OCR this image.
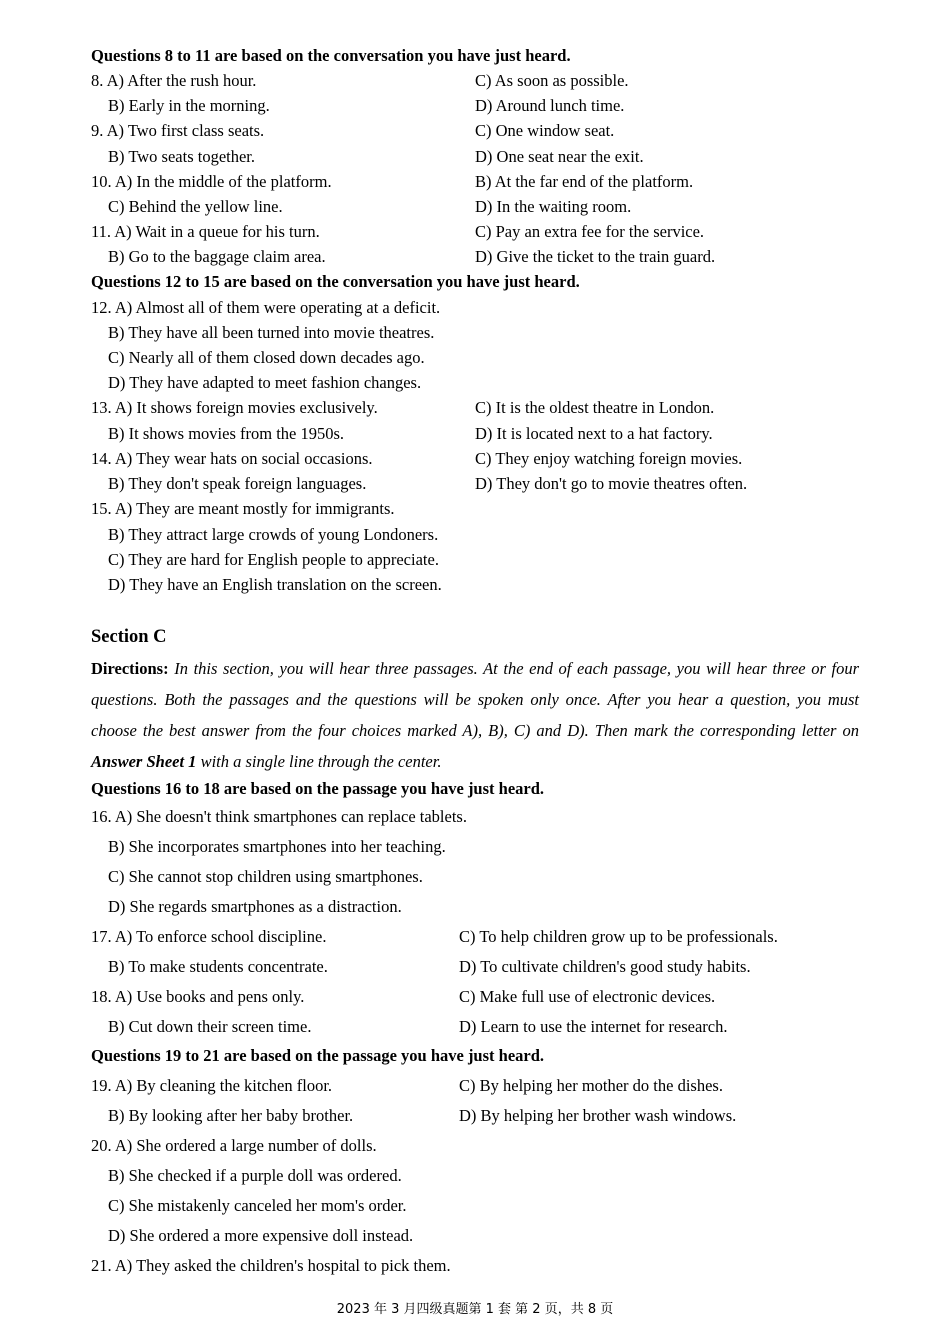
Questions 8 to 11 are based on the conversation you have just heard.
8. A) After the rush hour.	C) As soon as possible.
B) Early in the morning.	D) Around lunch time.
9. A) Two first class seats.	C) One window seat.
B) Two seats together.	D) One seat near the exit.
10. A) In the middle of the platform.	B) At the far end of the platform.
C) Behind the yellow line.	D) In the waiting room.
11. A) Wait in a queue for his turn.	C) Pay an extra fee for the service.
B) Go to the baggage claim area.	D) Give the ticket to the train guard.
Questions 12 to 15 are based on the conversation you have just heard.
12. A) Almost all of them were operating at a deficit.
B) They have all been turned into movie theatres.
C) Nearly all of them closed down decades ago.
D) They have adapted to meet fashion changes.
13. A) It shows foreign movies exclusively.	C) It is the oldest theatre in London.
B) It shows movies from the 1950s.	D) It is located next to a hat factory.
14. A) They wear hats on social occasions.	C) They enjoy watching foreign movies.
B) They don't speak foreign languages.	D) They don't go to movie theatres often.
15. A) They are meant mostly for immigrants.
B) They attract large crowds of young Londoners.
C) They are hard for English people to appreciate.
D) They have an English translation on the screen.
Section C
Directions: In this section, you will hear three passages. At the end of each passage, you will hear three or four questions. Both the passages and the questions will be spoken only once. After you hear a question, you must choose the best answer from the four choices marked A), B), C) and D). Then mark the corresponding letter on Answer Sheet 1 with a single line through the center.
Questions 16 to 18 are based on the passage you have just heard.
16. A) She doesn't think smartphones can replace tablets.
B) She incorporates smartphones into her teaching.
C) She cannot stop children using smartphones.
D) She regards smartphones as a distraction.
17. A) To enforce school discipline.	C) To help children grow up to be professionals.
B) To make students concentrate.	D) To cultivate children's good study habits.
18. A) Use books and pens only.	C) Make full use of electronic devices.
B) Cut down their screen time.	D) Learn to use the internet for research.
Questions 19 to 21 are based on the passage you have just heard.
19. A) By cleaning the kitchen floor.	C) By helping her mother do the dishes.
B) By looking after her baby brother.	D) By helping her brother wash windows.
20. A) She ordered a large number of dolls.
B) She checked if a purple doll was ordered.
C) She mistakenly canceled her mom's order.
D) She ordered a more expensive doll instead.
21. A) They asked the children's hospital to pick them.
2023 年 3 月四级真题第 1 套 第 2 页，共 8 页
